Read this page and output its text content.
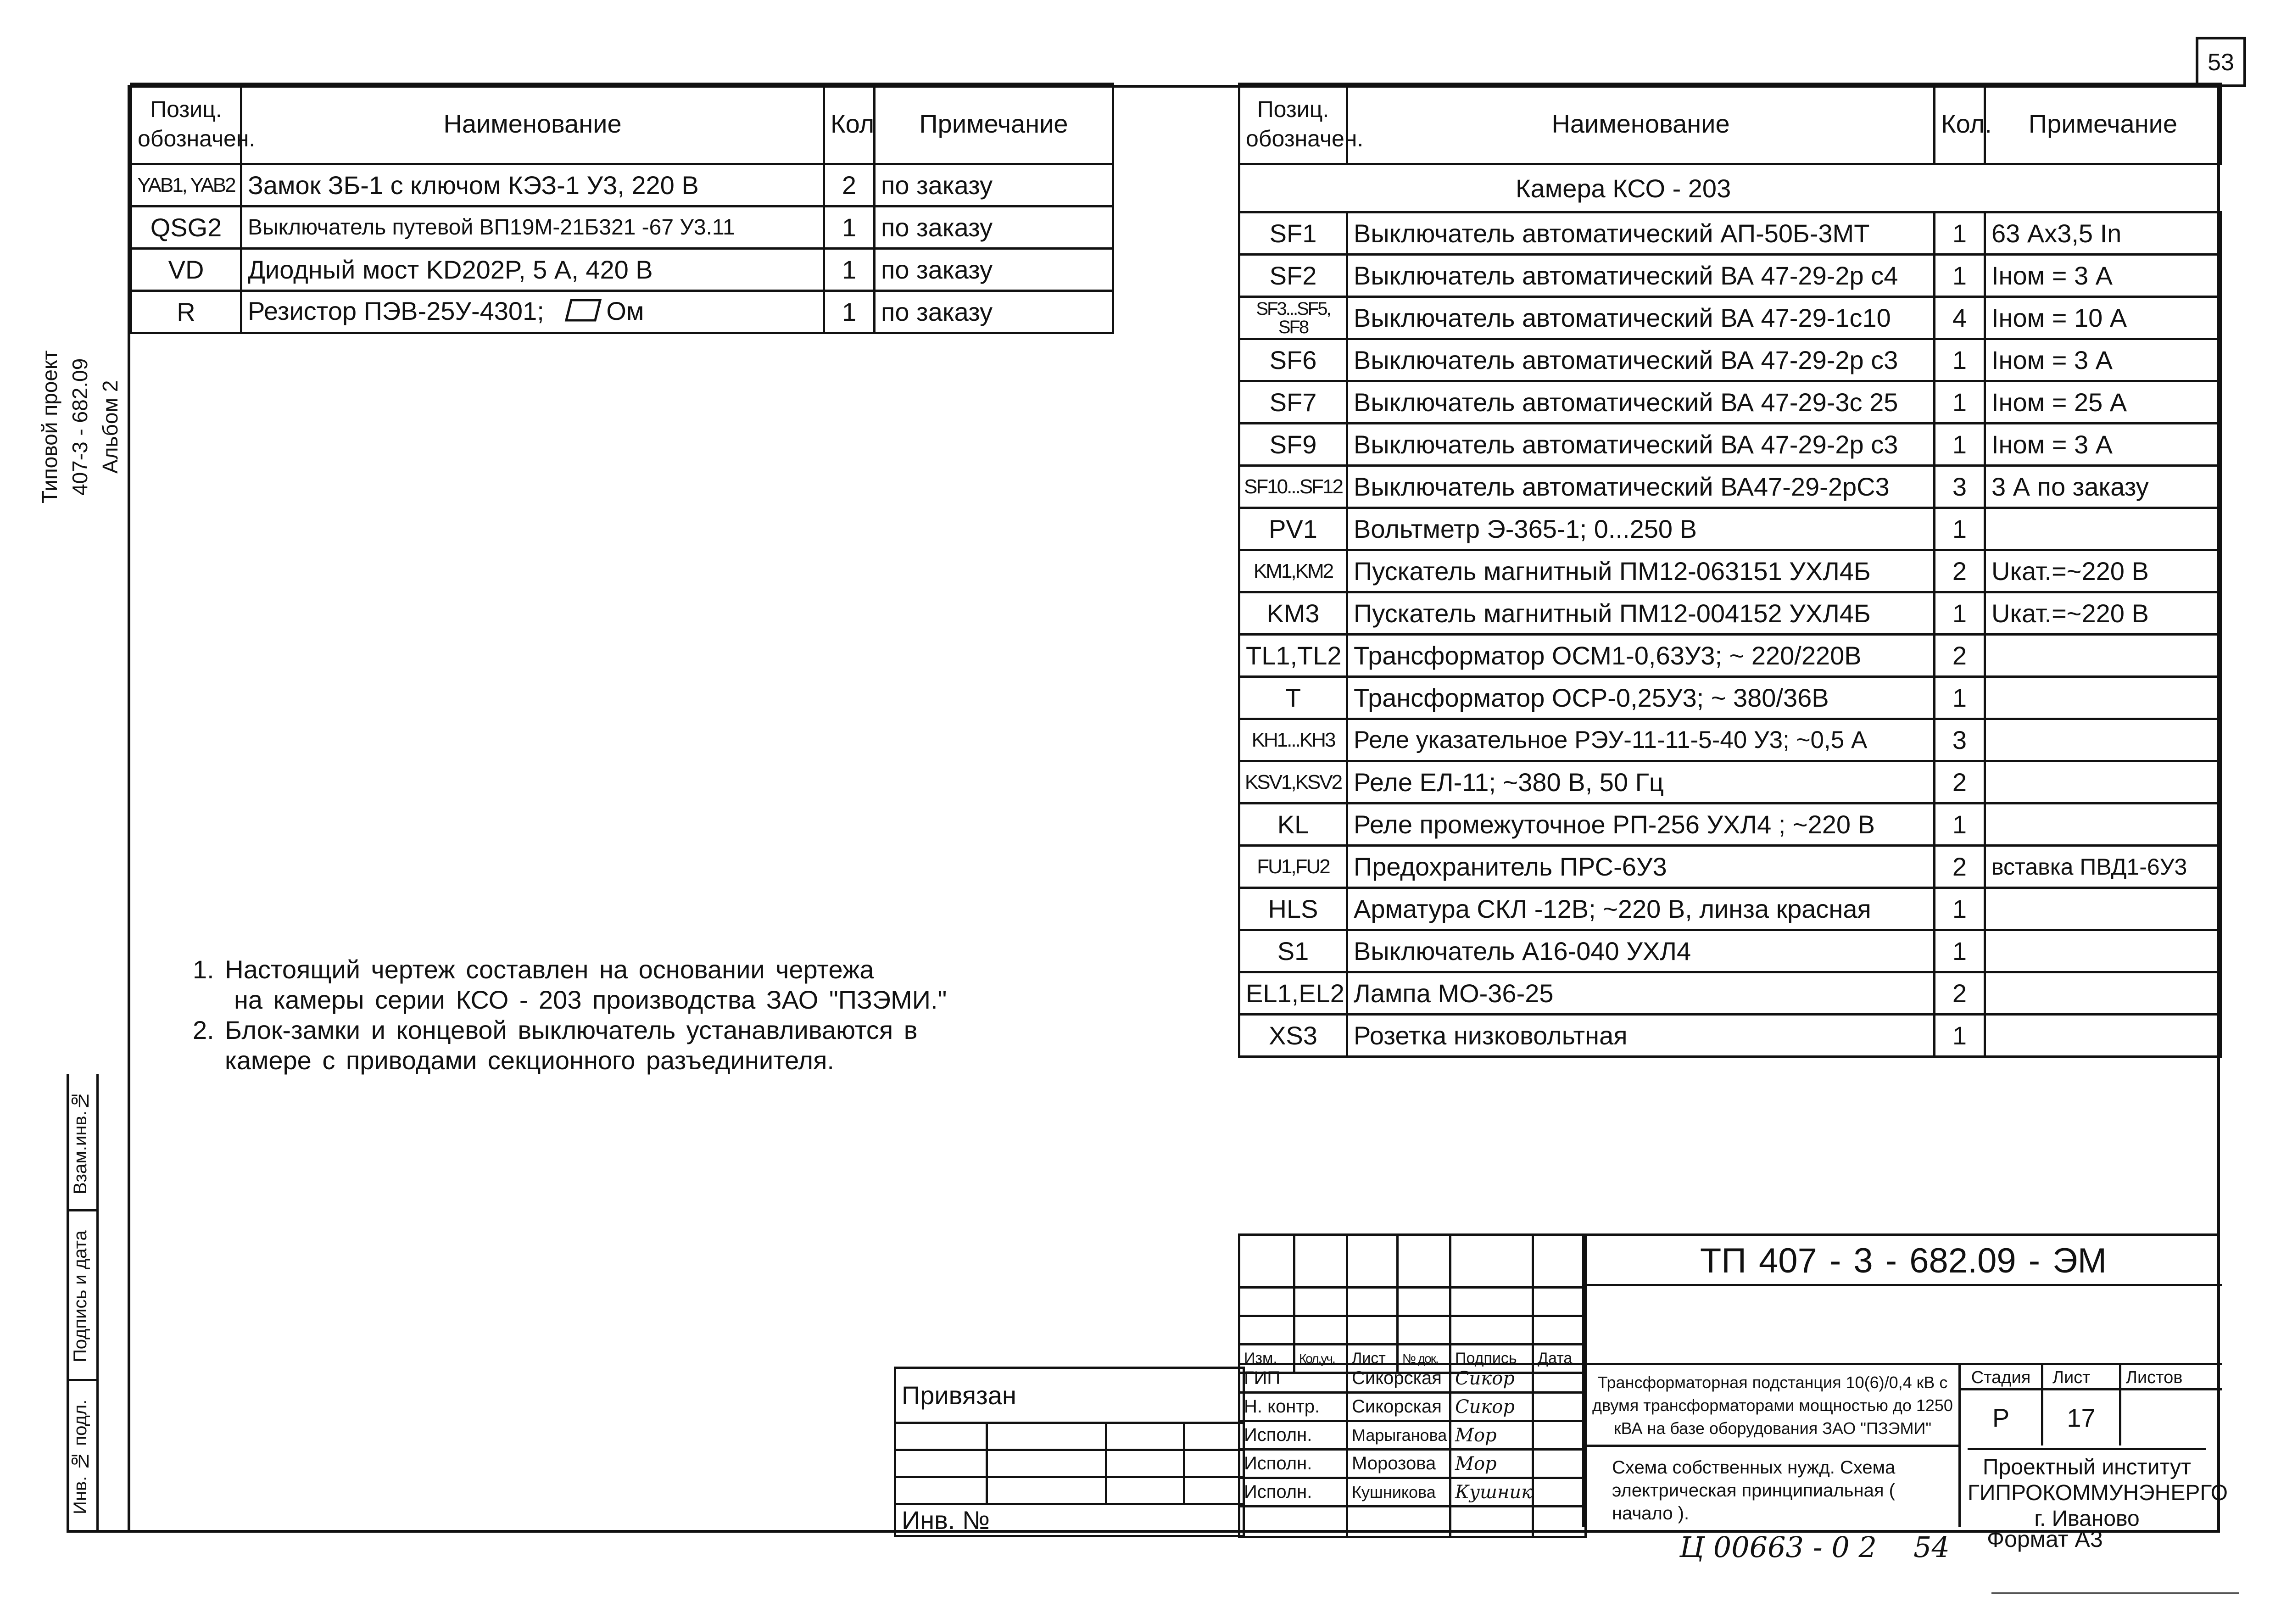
53
Типовой проект 407-3 - 682.09 Альбом 2
Взам.инв.№
Подпись и дата
Инв. № подл.
Позиц. обозначен.	Наименование	Кол	Примечание
YAB1, YAB2	Замок ЗБ-1 с ключом КЭЗ-1 У3, 220 В	2	по заказу
QSG2	Выключатель путевой ВП19М-21Б321 -67 У3.11	1	по заказу
VD	Диодный мост KD202P, 5 А, 420 В	1	по заказу
R	Резистор ПЭВ-25У-4301; Ом	1	по заказу
1. Настоящий чертеж составлен на основании чертежа
на камеры серии КСО - 203 производства ЗАО "ПЗЭМИ."
2. Блок-замки и концевой выключатель устанавливаются в
камере с приводами секционного разъединителя.
Позиц. обозначен.	Наименование	Кол.	Примечание
Камера КСО - 203			
SF1	Выключатель автоматический АП-50Б-3МТ	1	63 Ах3,5 In
SF2	Выключатель автоматический ВА 47-29-2р с4	1	Iном = 3 А
SF3...SF5, SF8	Выключатель автоматический ВА 47-29-1с10	4	Iном = 10 А
SF6	Выключатель автоматический ВА 47-29-2р с3	1	Iном = 3 А
SF7	Выключатель автоматический ВА 47-29-3с 25	1	Iном = 25 А
SF9	Выключатель автоматический ВА 47-29-2р с3	1	Iном = 3 А
SF10...SF12	Выключатель автоматический ВА47-29-2рС3	3	3 А по заказу
PV1	Вольтметр Э-365-1; 0...250 В	1	
KM1,KM2	Пускатель магнитный ПМ12-063151 УХЛ4Б	2	Uкат.=~220 В
KM3	Пускатель магнитный ПМ12-004152 УХЛ4Б	1	Uкат.=~220 В
TL1,TL2	Трансформатор ОСМ1-0,63У3; ~ 220/220В	2	
T	Трансформатор ОСР-0,25У3; ~ 380/36В	1	
KH1...KH3	Реле указательное РЭУ-11-11-5-40 У3; ~0,5 А	3	
KSV1,KSV2	Реле ЕЛ-11; ~380 В, 50 Гц	2	
KL	Реле промежуточное РП-256 УХЛ4 ; ~220 В	1	
FU1,FU2	Предохранитель ПРС-6У3	2	вставка ПВД1-6У3
HLS	Арматура СКЛ -12В; ~220 В, линза красная	1	
S1	Выключатель А16-040 УХЛ4	1	
EL1,EL2	Лампа МО-36-25	2	
XS3	Розетка низковольтная	1	
Привязан			

Инв. №			

Изм.	Кол.уч.	Лист	№ док.	Подпись	Дата
ГИП	Сикорская	Сикор	
Н. контр.	Сикорская	Сикор	
Исполн.	Марыганова	Мор	
Исполн.	Морозова	Мор	
Исполн.	Кушникова	Кушник	

ТП 407 - 3 - 682.09 - ЭМ
Трансформаторная подстанция 10(6)/0,4 кВ с двумя трансформаторами мощностью до 1250 кВА на базе оборудования ЗАО "ПЗЭМИ"
Схема собственных нужд. Схема электрическая принципиальная ( начало ).
Стадия	Лист	Листов
Р	17
Проектный институт ГИПРОКОММУНЭНЕРГО г. Иваново
Ц 00663 - 0 2 54 Формат А3
